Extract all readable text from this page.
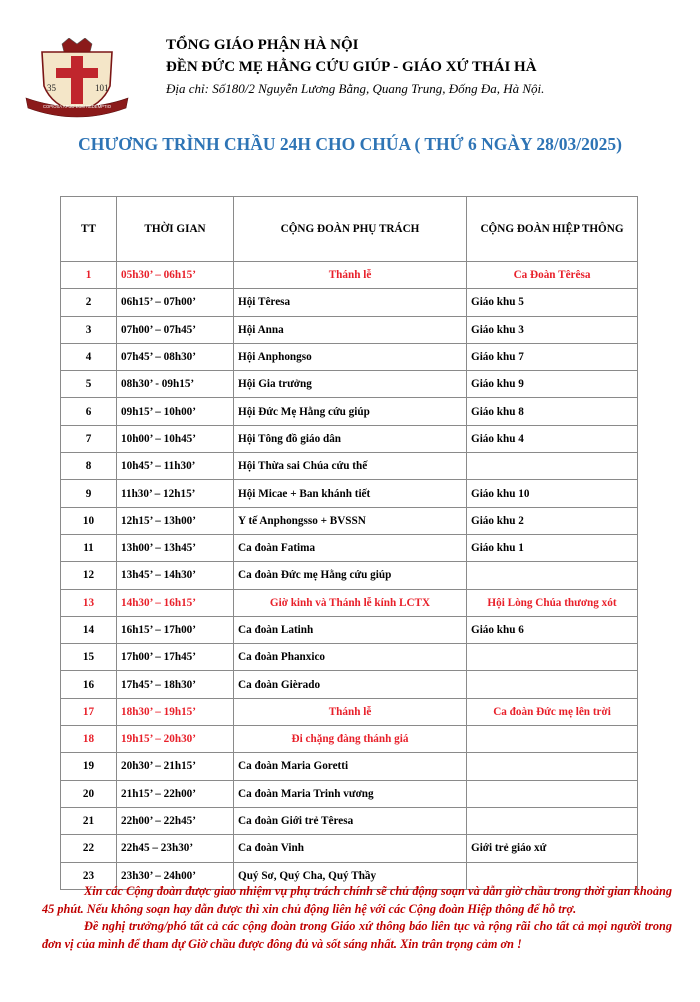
35	101
COPIOSA APUD EUM REDEMPTIO
TỔNG GIÁO PHẬN HÀ NỘI
ĐỀN ĐỨC MẸ HẰNG CỨU GIÚP - GIÁO XỨ THÁI HÀ
Địa chỉ: Số180/2 Nguyễn Lương Bằng, Quang Trung, Đống Đa, Hà Nội.
CHƯƠNG TRÌNH CHẦU 24H CHO CHÚA ( THỨ 6 NGÀY 28/03/2025)
TT	THỜI GIAN	CỘNG ĐOÀN PHỤ TRÁCH	CỘNG ĐOÀN HIỆP THÔNG
1	05h30’ – 06h15’	Thánh lễ	Ca Đoàn Têrêsa
2	06h15’ – 07h00’	Hội Têresa	Giáo khu 5
3	07h00’ – 07h45’	Hội Anna	Giáo khu 3
4	07h45’ – 08h30’	Hội Anphongso	Giáo khu 7
5	08h30’ - 09h15’	Hội Gia trưởng	Giáo khu 9
6	09h15’ – 10h00’	Hội Đức Mẹ Hằng cứu giúp	Giáo khu 8
7	10h00’ – 10h45’	Hội Tông đồ giáo dân	Giáo khu 4
8	10h45’ – 11h30’	Hội Thừa sai Chúa cứu thế	
9	11h30’ – 12h15’	Hội Micae + Ban khánh tiết	Giáo khu 10
10	12h15’ – 13h00’	Y tế Anphongsso + BVSSN	Giáo khu 2
11	13h00’ – 13h45’	Ca đoàn Fatima	Giáo khu 1
12	13h45’ – 14h30’	Ca đoàn Đức mẹ Hằng cứu giúp	
13	14h30’ – 16h15’	Giờ kinh và Thánh lễ kính LCTX	Hội Lòng Chúa thương xót
14	16h15’ – 17h00’	Ca đoàn Latinh	Giáo khu 6
15	17h00’ – 17h45’	Ca đoàn Phanxico	
16	17h45’ – 18h30’	Ca đoàn Gièrado	
17	18h30’ – 19h15’	Thánh lễ	Ca đoàn Đức mẹ lên trời
18	19h15’ – 20h30’	Đi chặng đàng thánh giá	
19	20h30’ – 21h15’	Ca đoàn Maria Goretti	
20	21h15’ – 22h00’	Ca đoàn Maria Trinh vương	
21	22h00’ – 22h45’	Ca đoàn Giới trẻ Têresa	
22	22h45 – 23h30’	Ca đoàn Vinh	Giới trẻ giáo xứ
23	23h30’ – 24h00’	Quý Sơ, Quý Cha, Quý Thầy	

Xin các Cộng đoàn được giao nhiệm vụ phụ trách chính sẽ chủ động soạn và dẫn giờ chầu trong thời gian khoảng 45 phút. Nếu không soạn hay dẫn được thì xin chủ động liên hệ với các Cộng đoàn Hiệp thông để hỗ trợ.

Đề nghị trưởng/phó tất cả các cộng đoàn trong Giáo xứ thông báo liên tục và rộng rãi cho tất cả mọi người trong đơn vị của mình để tham dự Giờ chầu được đông đủ và sốt sáng nhất. Xin trân trọng cảm ơn !
